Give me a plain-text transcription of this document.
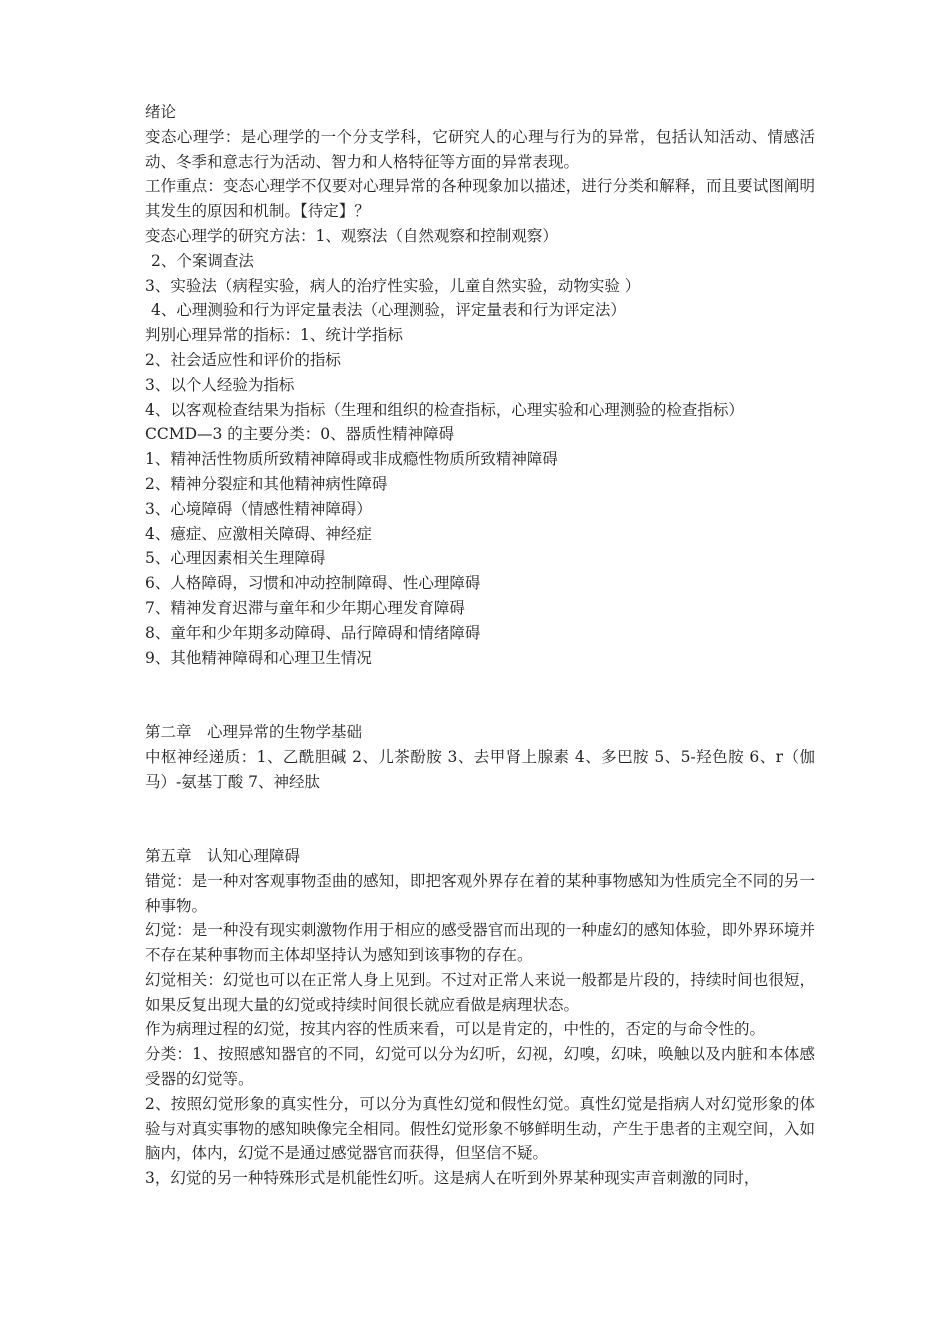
绪论
变态心理学：是心理学的一个分支学科，它研究人的心理与行为的异常，包括认知活动、情感活动、冬季和意志行为活动、智力和人格特征等方面的异常表现。
工作重点：变态心理学不仅要对心理异常的各种现象加以描述，进行分类和解释，而且要试图阐明其发生的原因和机制。【待定】？
变态心理学的研究方法：1、观察法（自然观察和控制观察）
2、个案调查法
3、实验法（病程实验，病人的治疗性实验，儿童自然实验，动物实验 ）
4、心理测验和行为评定量表法（心理测验，评定量表和行为评定法）
判别心理异常的指标：1、统计学指标
2、社会适应性和评价的指标
3、以个人经验为指标
4、以客观检查结果为指标（生理和组织的检查指标，心理实验和心理测验的检查指标）
CCMD—3 的主要分类：0、器质性精神障碍
1、精神活性物质所致精神障碍或非成瘾性物质所致精神障碍
2、精神分裂症和其他精神病性障碍
3、心境障碍（情感性精神障碍）
4、癔症、应激相关障碍、神经症
5、心理因素相关生理障碍
6、人格障碍，习惯和冲动控制障碍、性心理障碍
7、精神发育迟滞与童年和少年期心理发育障碍
8、童年和少年期多动障碍、品行障碍和情绪障碍
9、其他精神障碍和心理卫生情况
第二章　心理异常的生物学基础
中枢神经递质：1、乙酰胆碱 2、儿茶酚胺 3、去甲肾上腺素 4、多巴胺 5、5-羟色胺 6、r（伽马）-氨基丁酸 7、神经肽
第五章　认知心理障碍
错觉：是一种对客观事物歪曲的感知，即把客观外界存在着的某种事物感知为性质完全不同的另一种事物。
幻觉：是一种没有现实刺激物作用于相应的感受器官而出现的一种虚幻的感知体验，即外界环境并不存在某种事物而主体却坚持认为感知到该事物的存在。
幻觉相关：幻觉也可以在正常人身上见到。不过对正常人来说一般都是片段的，持续时间也很短，如果反复出现大量的幻觉或持续时间很长就应看做是病理状态。
作为病理过程的幻觉，按其内容的性质来看，可以是肯定的，中性的，否定的与命令性的。
分类：1、按照感知器官的不同，幻觉可以分为幻听，幻视，幻嗅，幻味，唤触以及内脏和本体感受器的幻觉等。
2、按照幻觉形象的真实性分，可以分为真性幻觉和假性幻觉。真性幻觉是指病人对幻觉形象的体验与对真实事物的感知映像完全相同。假性幻觉形象不够鲜明生动，产生于患者的主观空间，入如脑内，体内，幻觉不是通过感觉器官而获得，但坚信不疑。
3，幻觉的另一种特殊形式是机能性幻听。这是病人在听到外界某种现实声音刺激的同时，
